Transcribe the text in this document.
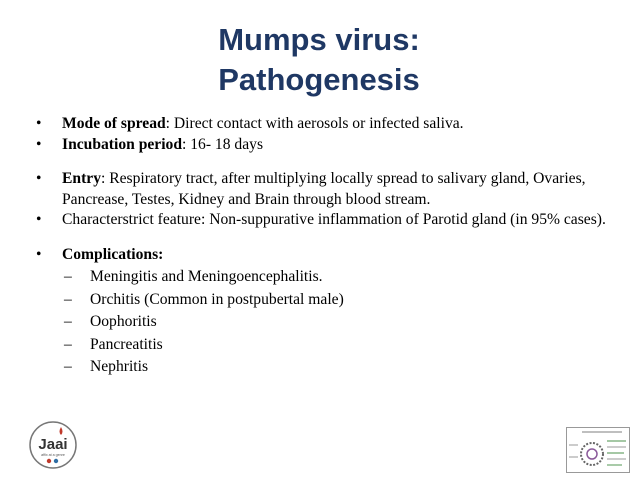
Mumps virus:
Pathogenesis
• Mode of spread: Direct contact with aerosols or infected saliva.
• Incubation period: 16- 18 days
• Entry: Respiratory tract, after multiplying locally spread to salivary gland, Ovaries, Pancrease, Testes, Kidney and Brain through blood stream.
• Characterstrict feature: Non-suppurative inflammation of Parotid gland (in 95% cases).
• Complications:
– Meningitis and Meningoencephalitis.
– Orchitis (Common in postpubertal male)
– Oophoritis
– Pancreatitis
– Nephritis
Jaai
affix at a genre
